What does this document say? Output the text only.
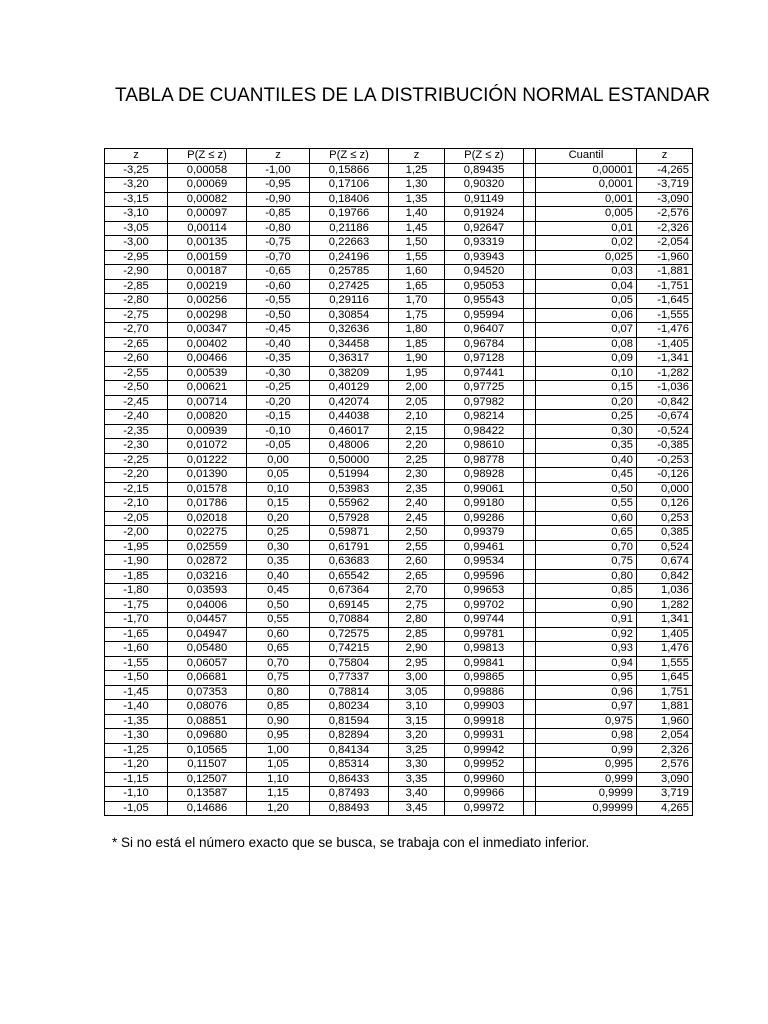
TABLA DE CUANTILES DE LA DISTRIBUCIÓN NORMAL ESTANDAR
z	P(Z ≤ z)	z	P(Z ≤ z)	z	P(Z ≤ z)		Cuantil	z
-3,25	0,00058	-1,00	0,15866	1,25	0,89435		0,00001	-4,265
-3,20	0,00069	-0,95	0,17106	1,30	0,90320		0,0001	-3,719
-3,15	0,00082	-0,90	0,18406	1,35	0,91149		0,001	-3,090
-3,10	0,00097	-0,85	0,19766	1,40	0,91924		0,005	-2,576
-3,05	0,00114	-0,80	0,21186	1,45	0,92647		0,01	-2,326
-3,00	0,00135	-0,75	0,22663	1,50	0,93319		0,02	-2,054
-2,95	0,00159	-0,70	0,24196	1,55	0,93943		0,025	-1,960
-2,90	0,00187	-0,65	0,25785	1,60	0,94520		0,03	-1,881
-2,85	0,00219	-0,60	0,27425	1,65	0,95053		0,04	-1,751
-2,80	0,00256	-0,55	0,29116	1,70	0,95543		0,05	-1,645
-2,75	0,00298	-0,50	0,30854	1,75	0,95994		0,06	-1,555
-2,70	0,00347	-0,45	0,32636	1,80	0,96407		0,07	-1,476
-2,65	0,00402	-0,40	0,34458	1,85	0,96784		0,08	-1,405
-2,60	0,00466	-0,35	0,36317	1,90	0,97128		0,09	-1,341
-2,55	0,00539	-0,30	0,38209	1,95	0,97441		0,10	-1,282
-2,50	0,00621	-0,25	0,40129	2,00	0,97725		0,15	-1,036
-2,45	0,00714	-0,20	0,42074	2,05	0,97982		0,20	-0,842
-2,40	0,00820	-0,15	0,44038	2,10	0,98214		0,25	-0,674
-2,35	0,00939	-0,10	0,46017	2,15	0,98422		0,30	-0,524
-2,30	0,01072	-0,05	0,48006	2,20	0,98610		0,35	-0,385
-2,25	0,01222	0,00	0,50000	2,25	0,98778		0,40	-0,253
-2,20	0,01390	0,05	0,51994	2,30	0,98928		0,45	-0,126
-2,15	0,01578	0,10	0,53983	2,35	0,99061		0,50	0,000
-2,10	0,01786	0,15	0,55962	2,40	0,99180		0,55	0,126
-2,05	0,02018	0,20	0,57928	2,45	0,99286		0,60	0,253
-2,00	0,02275	0,25	0,59871	2,50	0,99379		0,65	0,385
-1,95	0,02559	0,30	0,61791	2,55	0,99461		0,70	0,524
-1,90	0,02872	0,35	0,63683	2,60	0,99534		0,75	0,674
-1,85	0,03216	0,40	0,65542	2,65	0,99596		0,80	0,842
-1,80	0,03593	0,45	0,67364	2,70	0,99653		0,85	1,036
-1,75	0,04006	0,50	0,69145	2,75	0,99702		0,90	1,282
-1,70	0,04457	0,55	0,70884	2,80	0,99744		0,91	1,341
-1,65	0,04947	0,60	0,72575	2,85	0,99781		0,92	1,405
-1,60	0,05480	0,65	0,74215	2,90	0,99813		0,93	1,476
-1,55	0,06057	0,70	0,75804	2,95	0,99841		0,94	1,555
-1,50	0,06681	0,75	0,77337	3,00	0,99865		0,95	1,645
-1,45	0,07353	0,80	0,78814	3,05	0,99886		0,96	1,751
-1,40	0,08076	0,85	0,80234	3,10	0,99903		0,97	1,881
-1,35	0,08851	0,90	0,81594	3,15	0,99918		0,975	1,960
-1,30	0,09680	0,95	0,82894	3,20	0,99931		0,98	2,054
-1,25	0,10565	1,00	0,84134	3,25	0,99942		0,99	2,326
-1,20	0,11507	1,05	0,85314	3,30	0,99952		0,995	2,576
-1,15	0,12507	1,10	0,86433	3,35	0,99960		0,999	3,090
-1,10	0,13587	1,15	0,87493	3,40	0,99966		0,9999	3,719
-1,05	0,14686	1,20	0,88493	3,45	0,99972		0,99999	4,265
* Si no está el número exacto que se busca, se trabaja con el inmediato inferior.
